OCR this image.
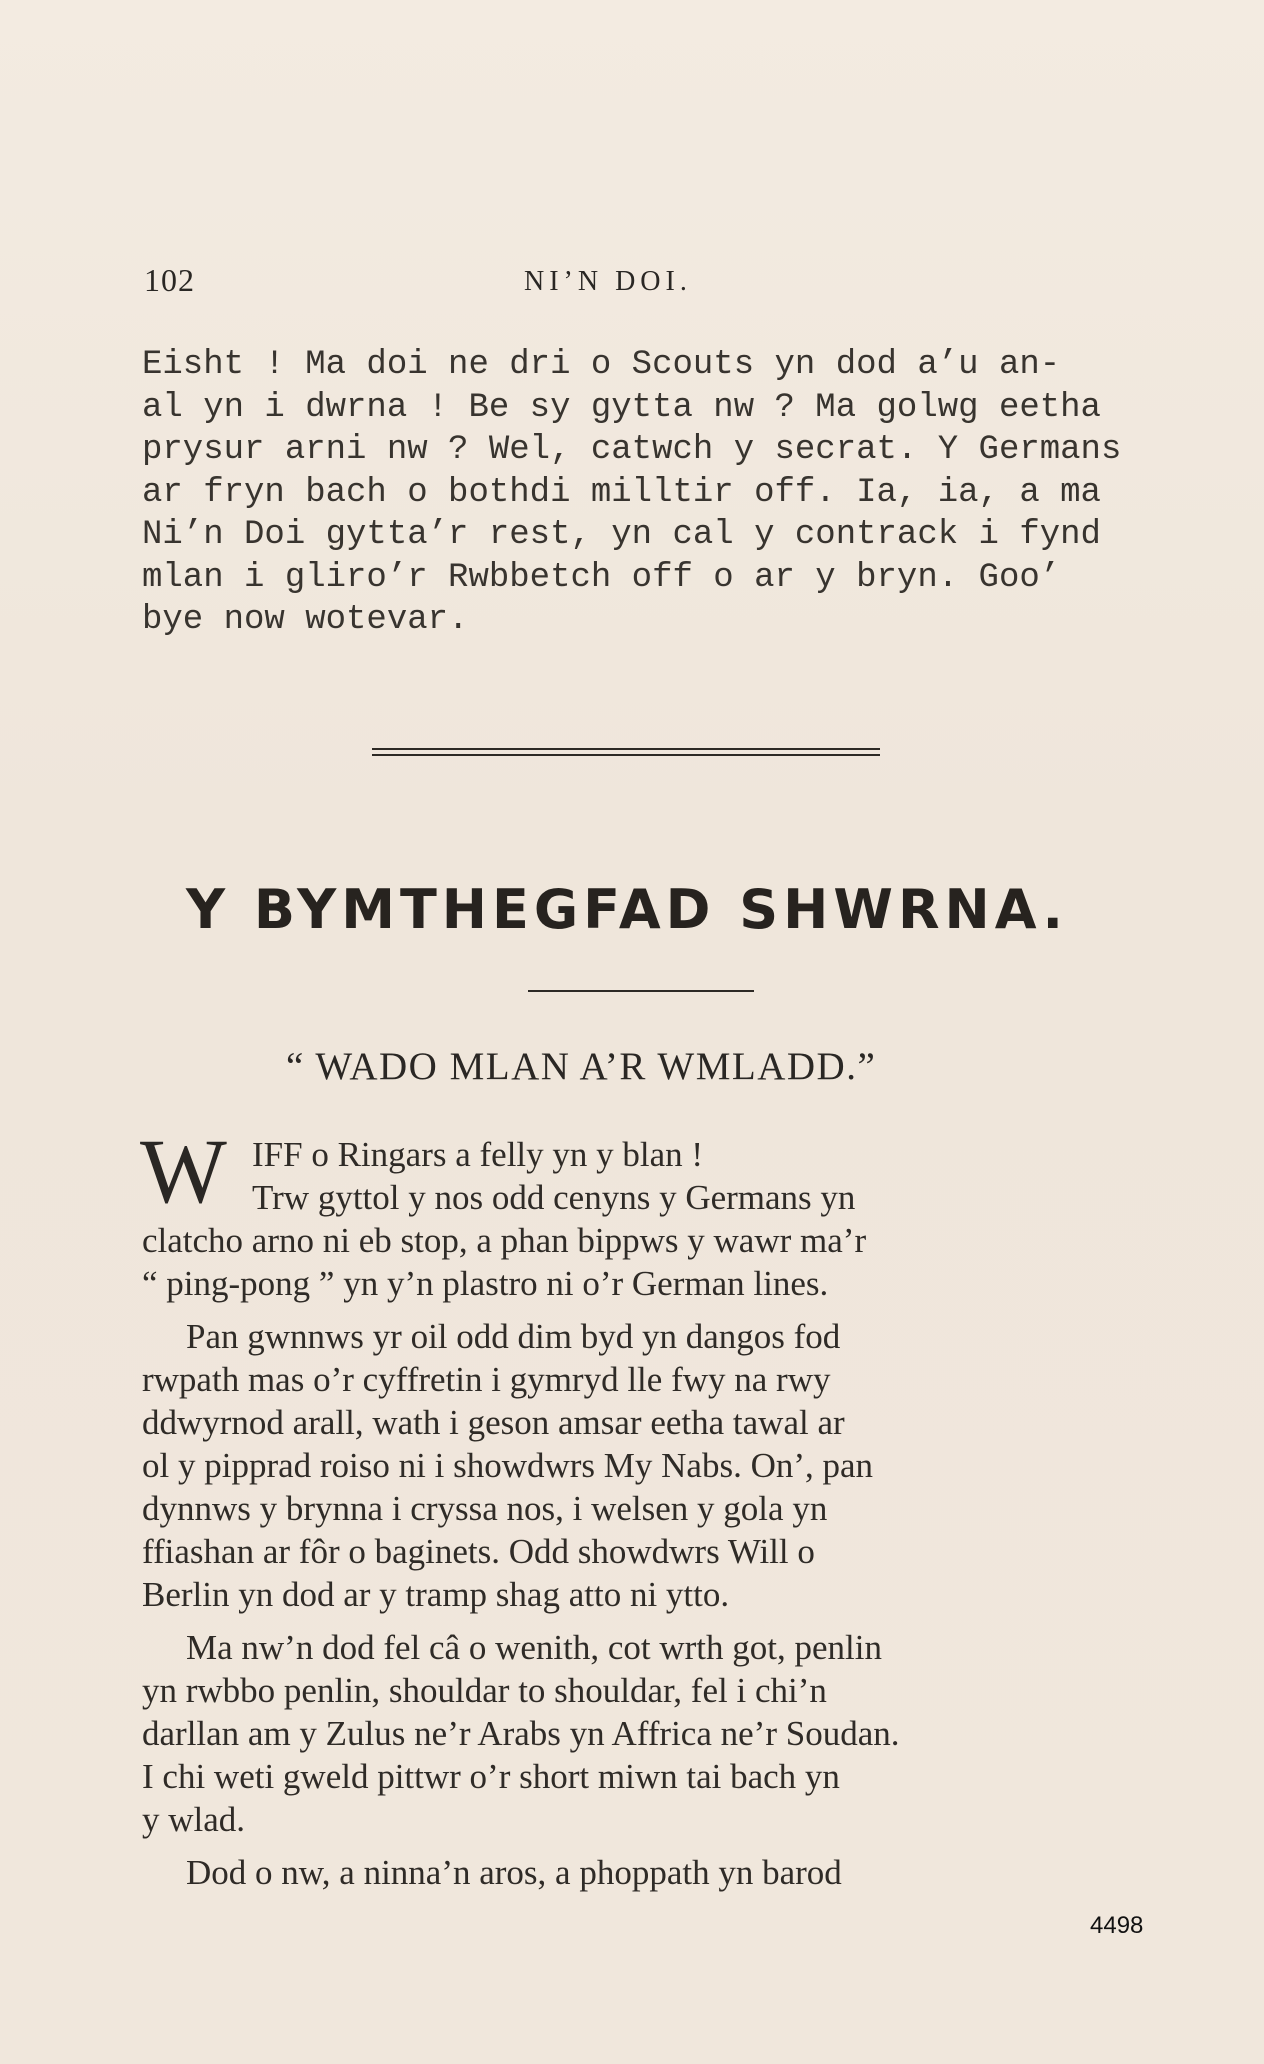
102	NI’N DOI.
Eisht ! Ma doi ne dri o Scouts yn dod a’u an-
al yn i dwrna ! Be sy gytta nw ? Ma golwg eetha
prysur arni nw ? Wel, catwch y secrat. Y Germans
ar fryn bach o bothdi milltir off. Ia, ia, a ma
Ni’n Doi gytta’r rest, yn cal y contrack i fynd
mlan i gliro’r Rwbbetch off o ar y bryn. Goo’
bye now wotevar.
Y BYMTHEGFAD SHWRNA.
“ WADO MLAN A’R WMLADD.”
W IFF o Ringars a felly yn y blan !
Trw gyttol y nos odd cenyns y Germans yn
clatcho arno ni eb stop, a phan bippws y wawr ma’r
“ ping-pong ” yn y’n plastro ni o’r German lines.
Pan gwnnws yr oil odd dim byd yn dangos fod
rwpath mas o’r cyffretin i gymryd lle fwy na rwy
ddwyrnod arall, wath i geson amsar eetha tawal ar
ol y pipprad roiso ni i showdwrs My Nabs. On’, pan
dynnws y brynna i cryssa nos, i welsen y gola yn
ffiashan ar fôr o baginets. Odd showdwrs Will o
Berlin yn dod ar y tramp shag atto ni ytto.
Ma nw’n dod fel câ o wenith, cot wrth got, penlin
yn rwbbo penlin, shouldar to shouldar, fel i chi’n
darllan am y Zulus ne’r Arabs yn Affrica ne’r Soudan.
I chi weti gweld pittwr o’r short miwn tai bach yn
y wlad.
Dod o nw, a ninna’n aros, a phoppath yn barod
4498
